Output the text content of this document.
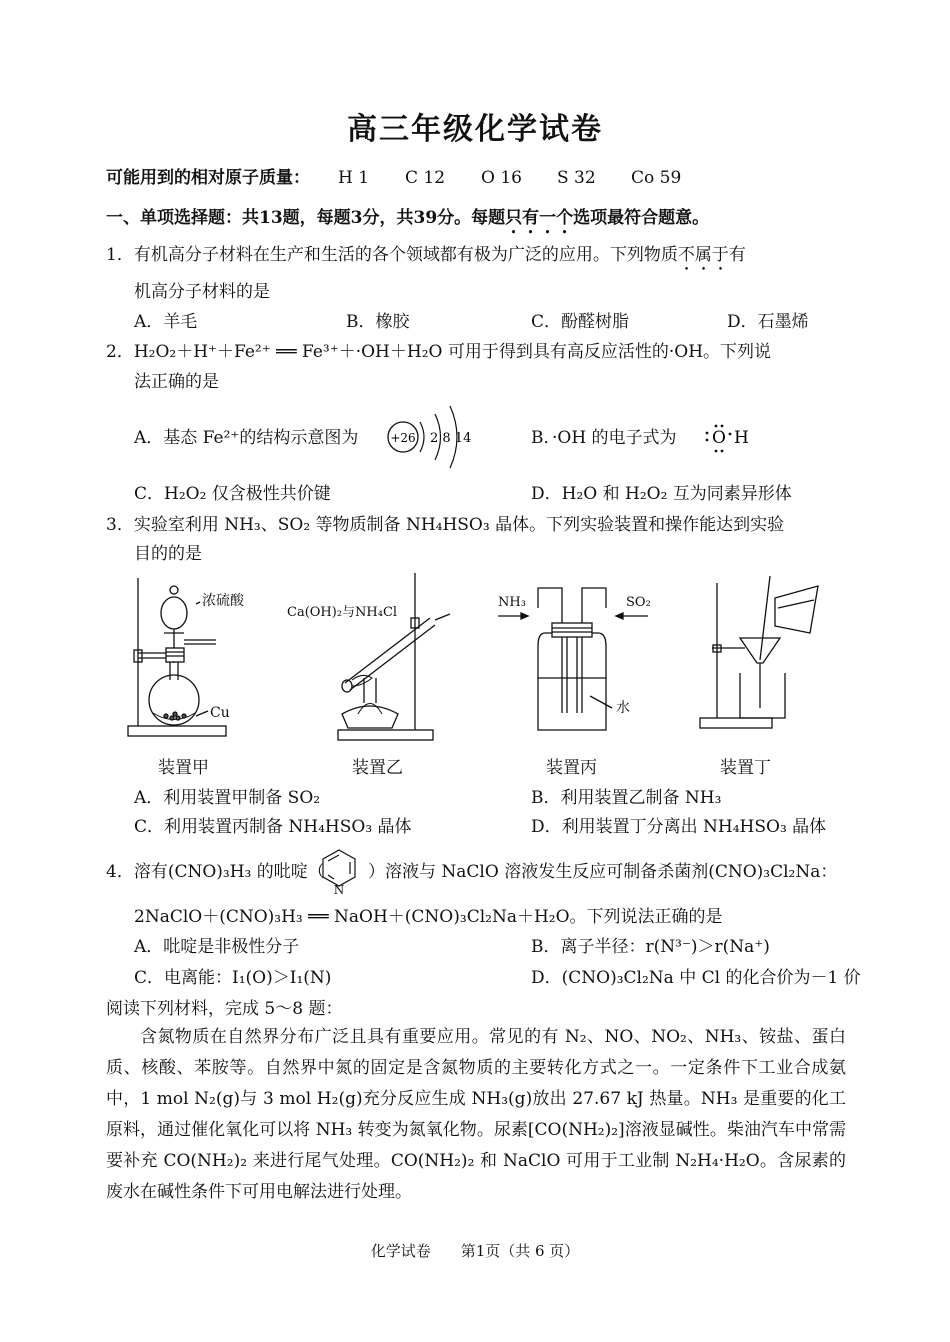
高三年级化学试卷
可能用到的相对原子质量： H 1 C 12 O 16 S 32 Co 59
一、单项选择题：共13题，每题3分，共39分。每题只有一个选项最符合题意。
1．有机高分子材料在生产和生活的各个领域都有极为广泛的应用。下列物质不属于有
机高分子材料的是
A．羊毛	B．橡胶	C．酚醛树脂	D．石墨烯
2．H₂O₂＋H⁺＋Fe²⁺ ══ Fe³⁺＋·OH＋H₂O 可用于得到具有高反应活性的·OH。下列说
法正确的是
A．基态 Fe²⁺的结构示意图为	+26 2 8 14	B．·OH 的电子式为 O H
C．H₂O₂ 仅含极性共价键	D．H₂O 和 H₂O₂ 互为同素异形体
3．实验室利用 NH₃、SO₂ 等物质制备 NH₄HSO₃ 晶体。下列实验装置和操作能达到实验
目的的是
浓硫酸
Cu
Ca(OH)₂与NH₄Cl
NH₃	SO₂
水
装置甲	装置乙	装置丙	装置丁
A．利用装置甲制备 SO₂	B．利用装置乙制备 NH₃
C．利用装置丙制备 NH₄HSO₃ 晶体	D．利用装置丁分离出 NH₄HSO₃ 晶体
4．溶有(CNO)₃H₃ 的吡啶（
N
）溶液与 NaClO 溶液发生反应可制备杀菌剂(CNO)₃Cl₂Na：
2NaClO＋(CNO)₃H₃ ══ NaOH＋(CNO)₃Cl₂Na＋H₂O。下列说法正确的是
A．吡啶是非极性分子	B．离子半径：r(N³⁻)＞r(Na⁺)
C．电离能：I₁(O)＞I₁(N)	D．(CNO)₃Cl₂Na 中 Cl 的化合价为－1 价
阅读下列材料，完成 5～8 题：
含氮物质在自然界分布广泛且具有重要应用。常见的有 N₂、NO、NO₂、NH₃、铵盐、蛋白质、核酸、苯胺等。自然界中氮的固定是含氮物质的主要转化方式之一。一定条件下工业合成氨中，1 mol N₂(g)与 3 mol H₂(g)充分反应生成 NH₃(g)放出 27.67 kJ 热量。NH₃ 是重要的化工原料，通过催化氧化可以将 NH₃ 转变为氮氧化物。尿素[CO(NH₂)₂]溶液显碱性。柴油汽车中常需要补充 CO(NH₂)₂ 来进行尾气处理。CO(NH₂)₂ 和 NaClO 可用于工业制 N₂H₄·H₂O。含尿素的废水在碱性条件下可用电解法进行处理。
化学试卷　　第1页（共 6 页）
